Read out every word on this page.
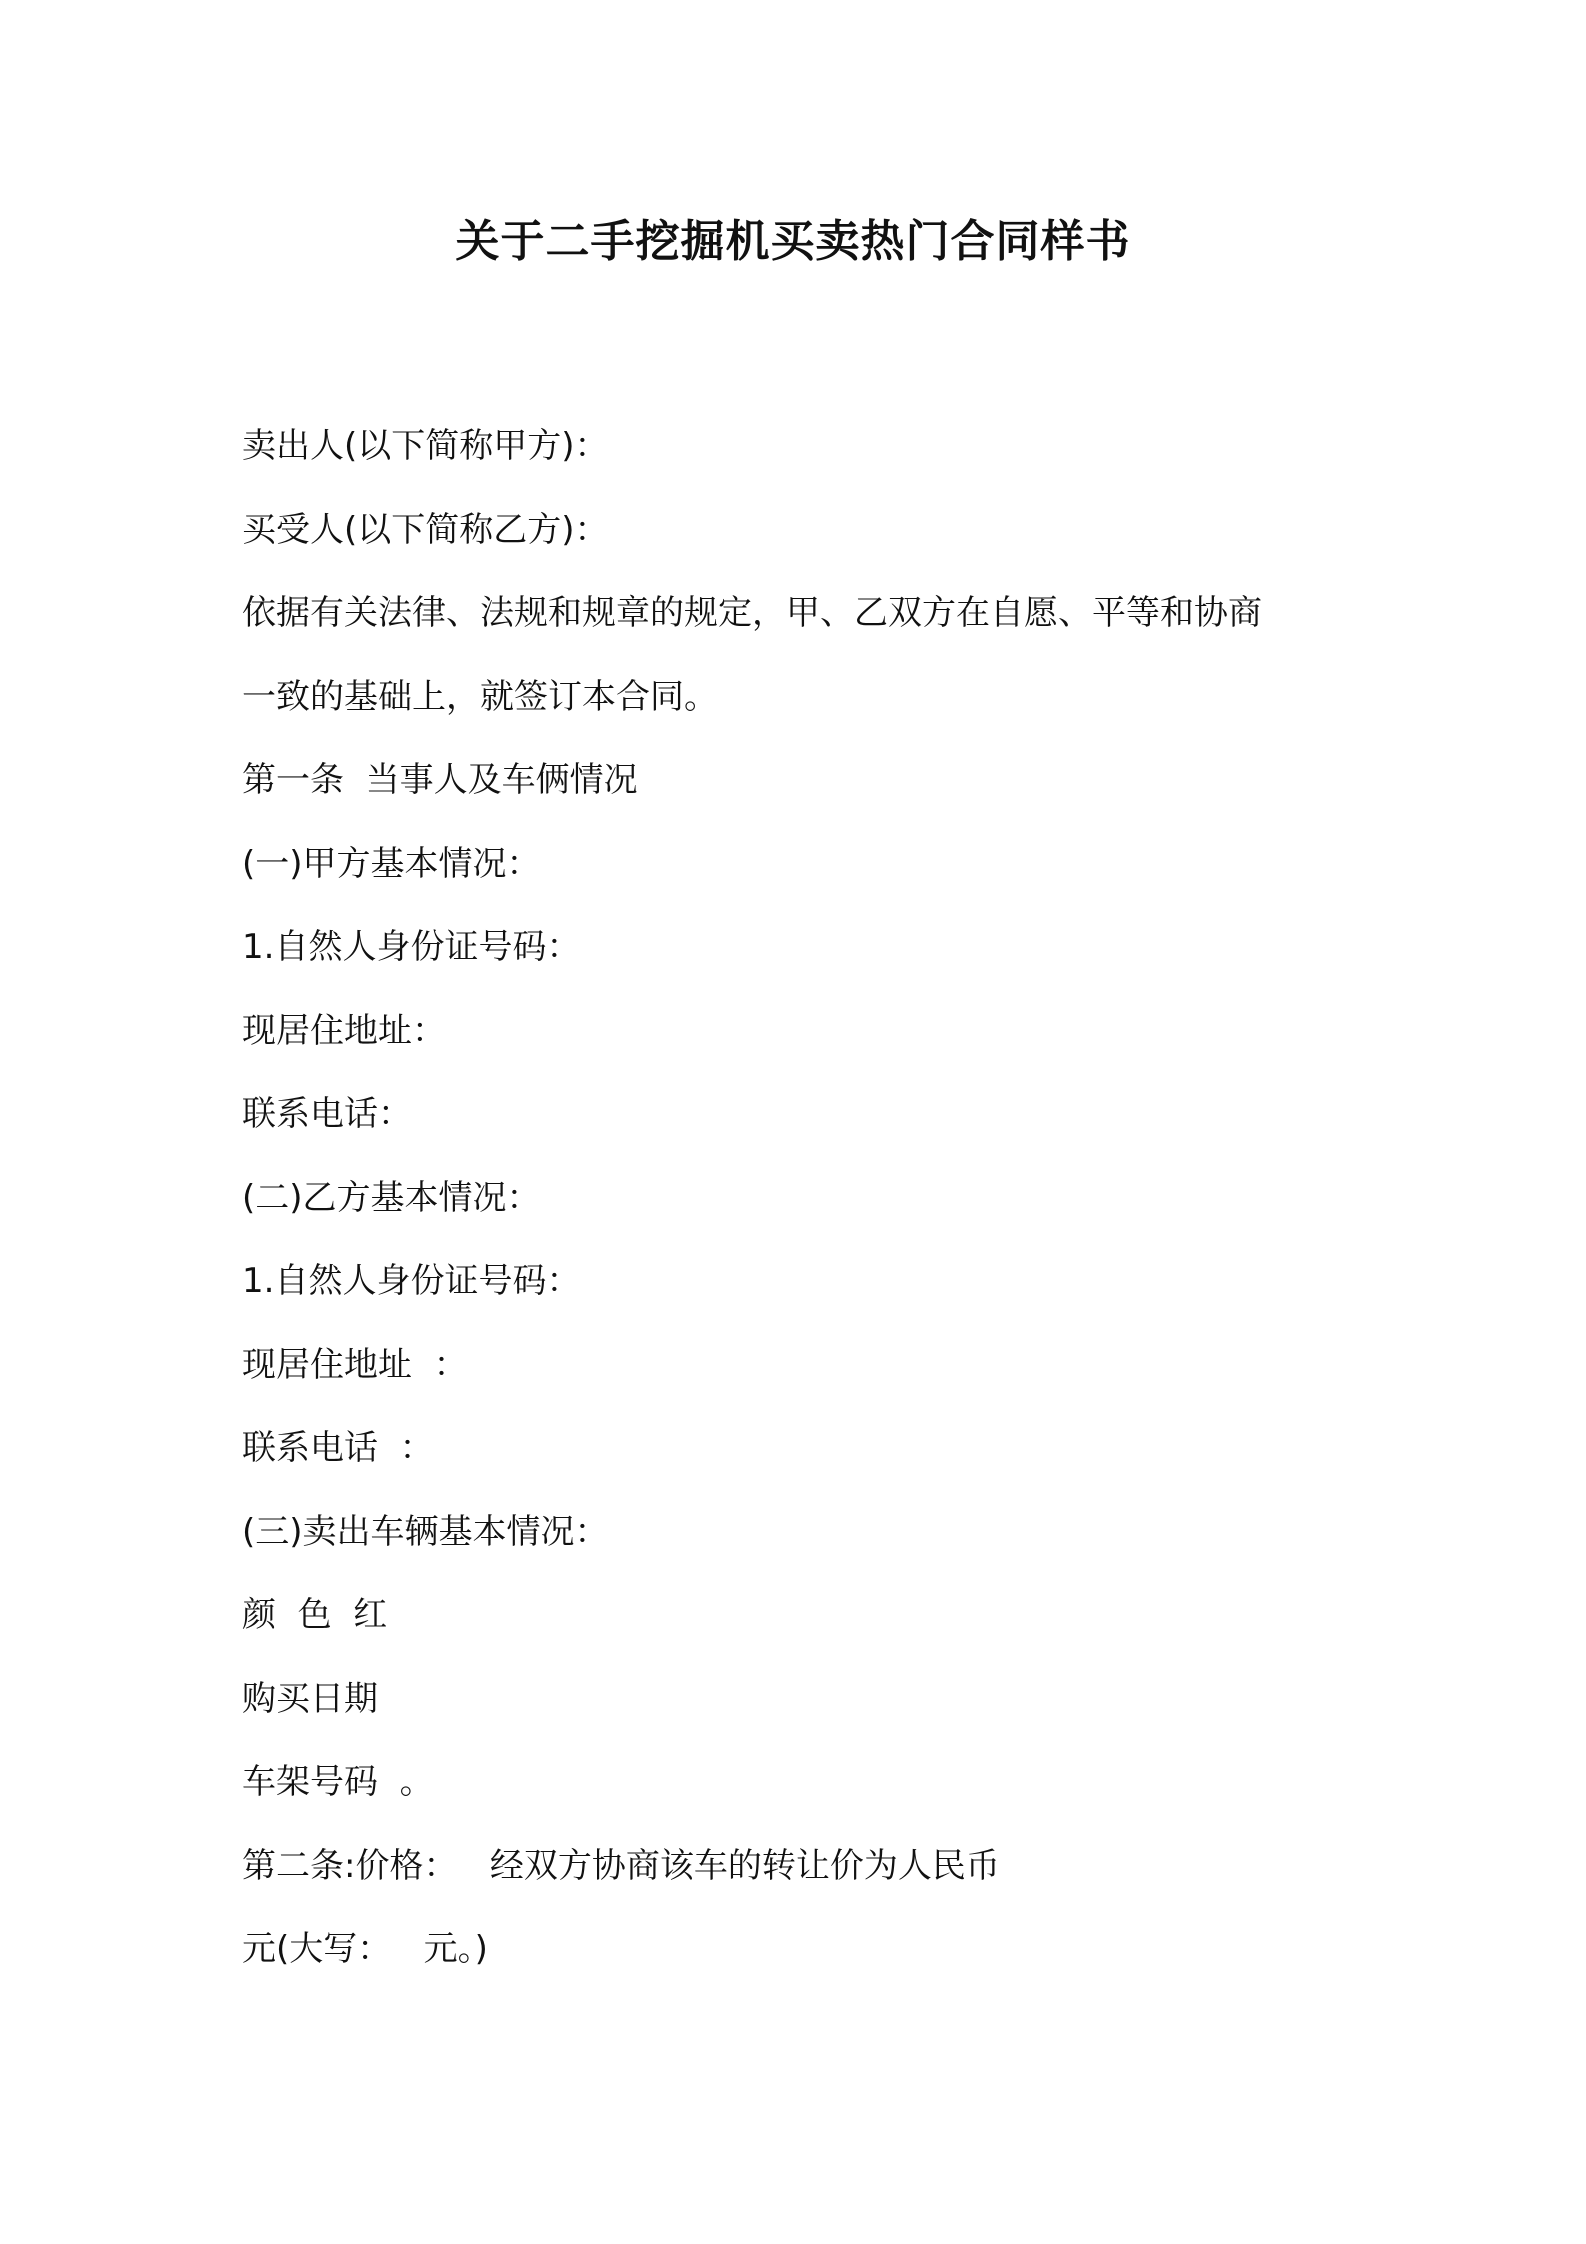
关于二手挖掘机买卖热门合同样书

卖出人(以下简称甲方)：

买受人(以下简称乙方)：

依据有关法律、法规和规章的规定，甲、乙双方在自愿、平等和协商

一致的基础上，就签订本合同。

第一条  当事人及车俩情况

(一)甲方基本情况：

1.自然人身份证号码：

现居住地址：

联系电话：

(二)乙方基本情况：

1.自然人身份证号码：

现居住地址  ：

联系电话  ：

(三)卖出车辆基本情况：

颜  色  红

购买日期

车架号码  。

第二条:价格：   经双方协商该车的转让价为人民币

元(大写：   元。)
